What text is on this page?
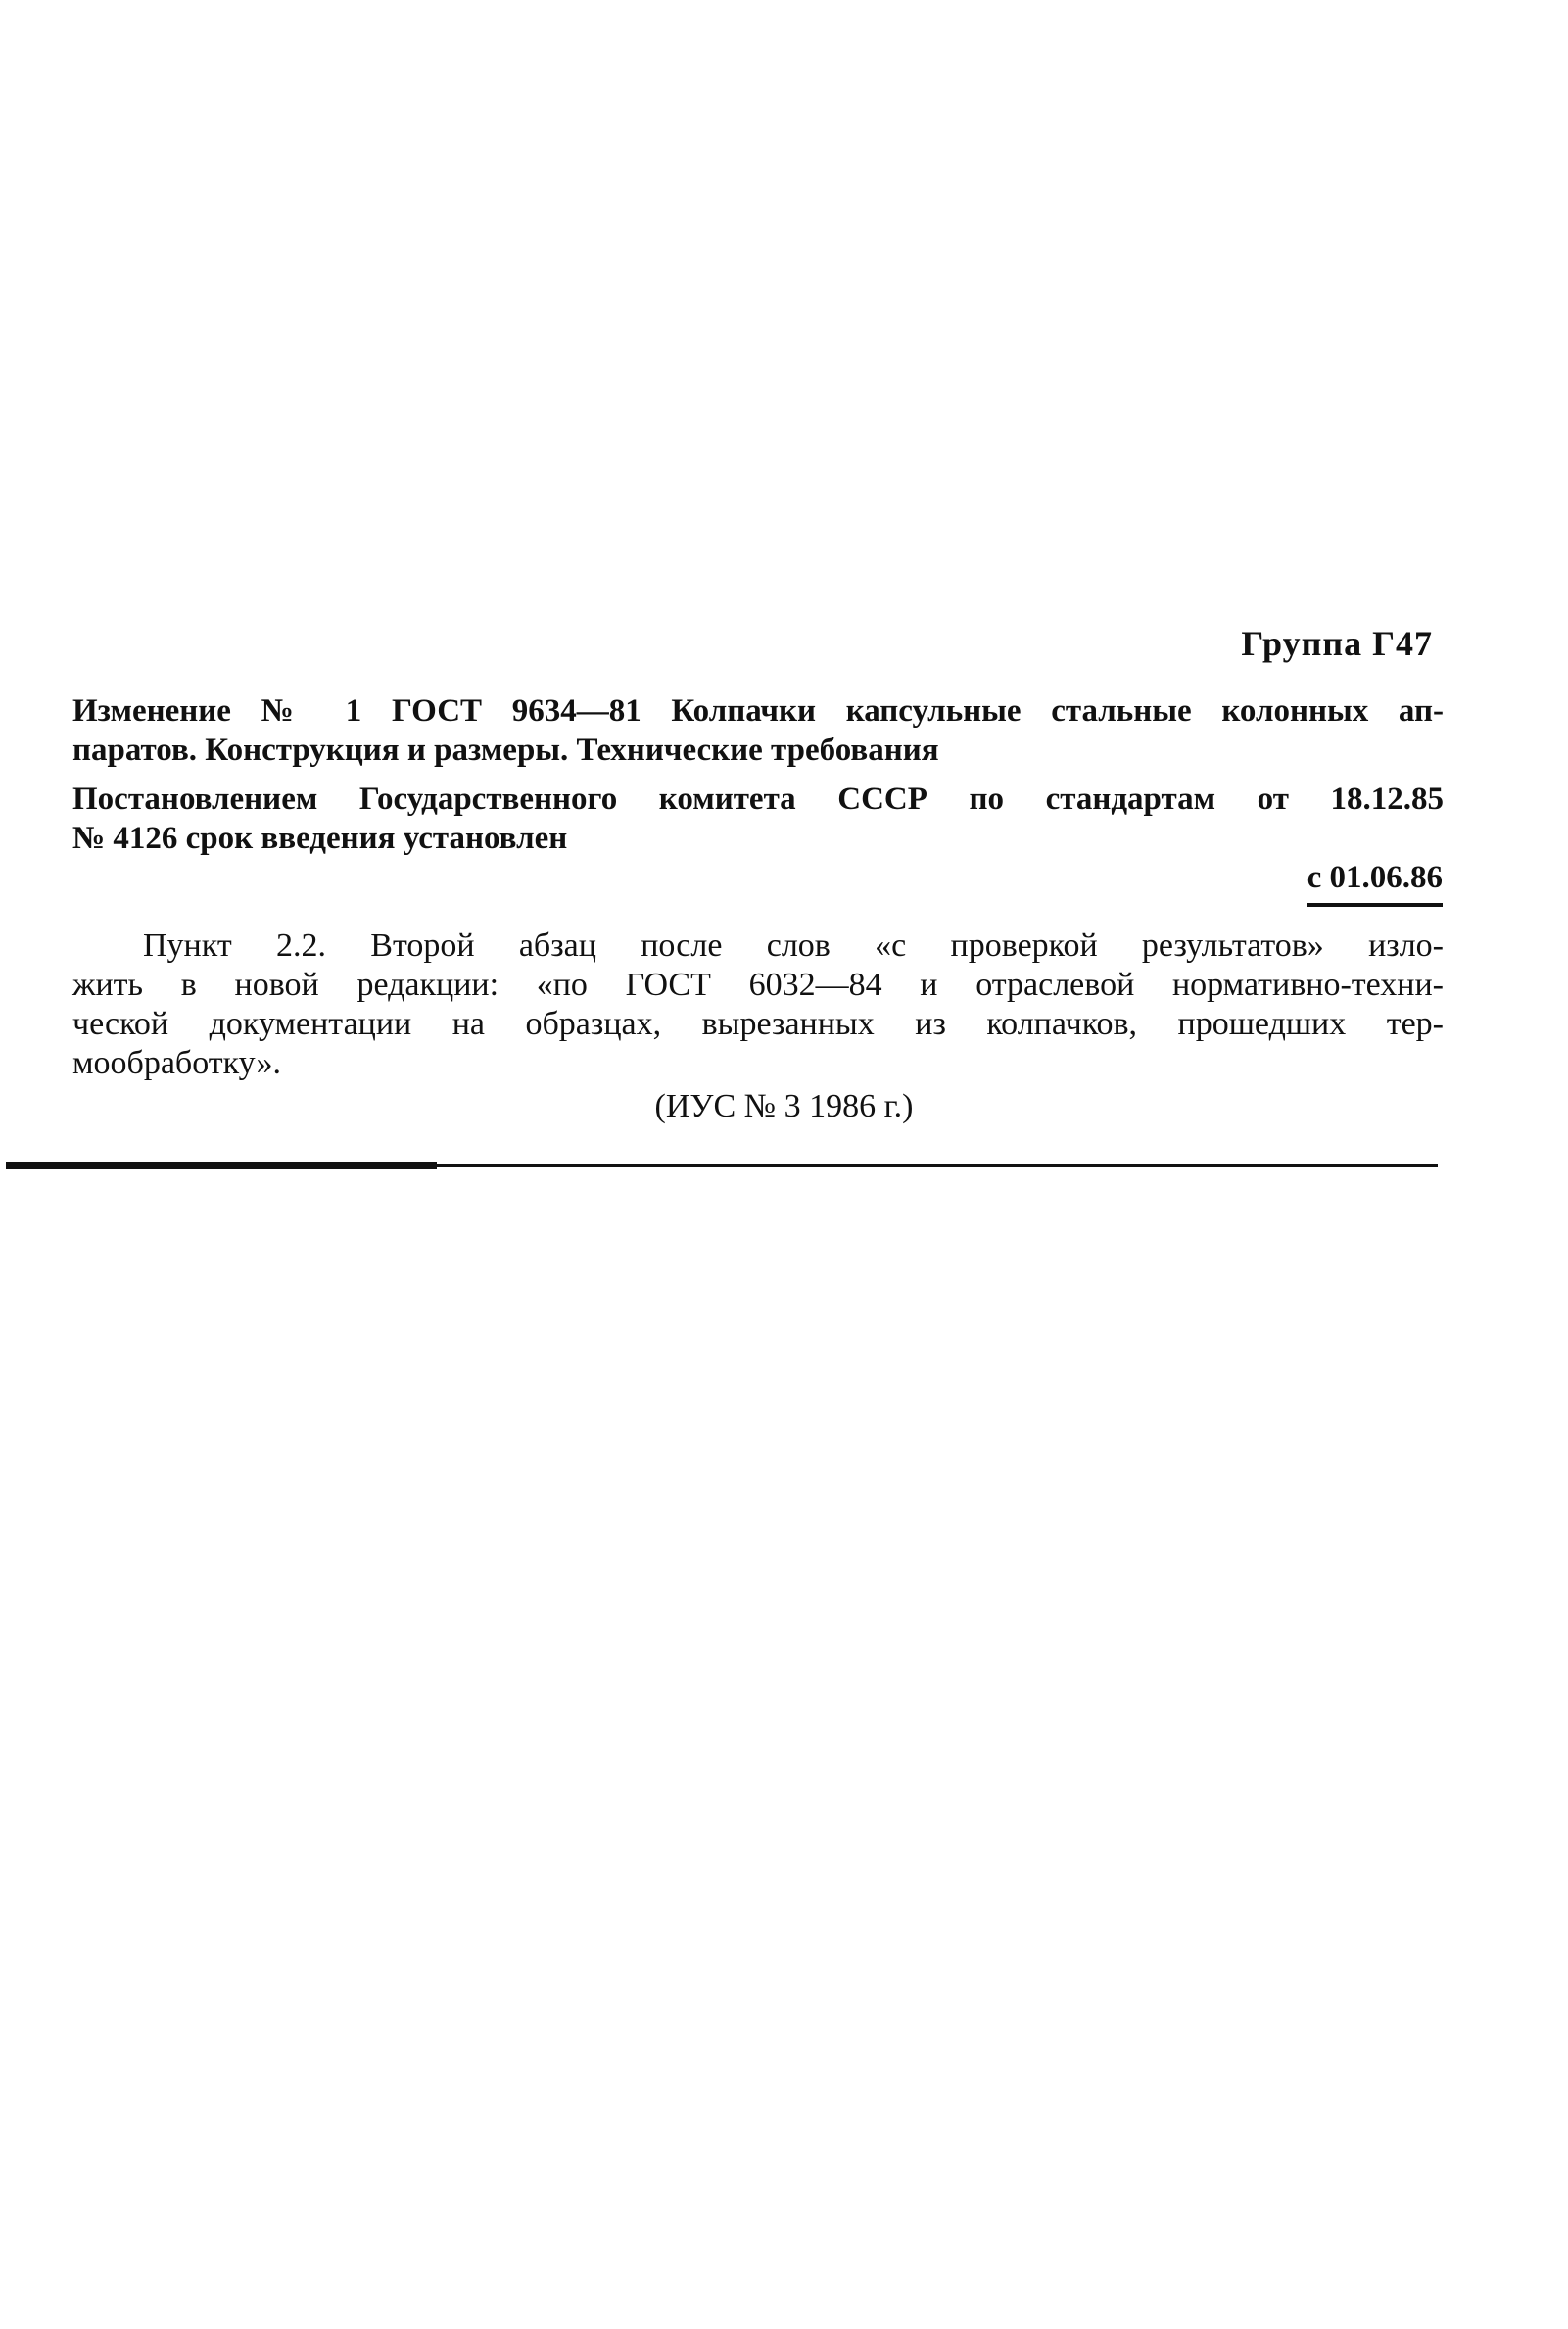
Группа Г47
Изменение № 1 ГОСТ 9634—81 Колпачки капсульные стальные колонных ап-
паратов. Конструкция и размеры. Технические требования
Постановлением Государственного комитета СССР по стандартам от 18.12.85
№ 4126 срок введения установлен
с 01.06.86
Пункт 2.2. Второй абзац после слов «с проверкой результатов» изло-
жить в новой редакции: «по ГОСТ 6032—84 и отраслевой нормативно-техни-
ческой документации на образцах, вырезанных из колпачков, прошедших тер-
мообработку».
(ИУС № 3 1986 г.)
